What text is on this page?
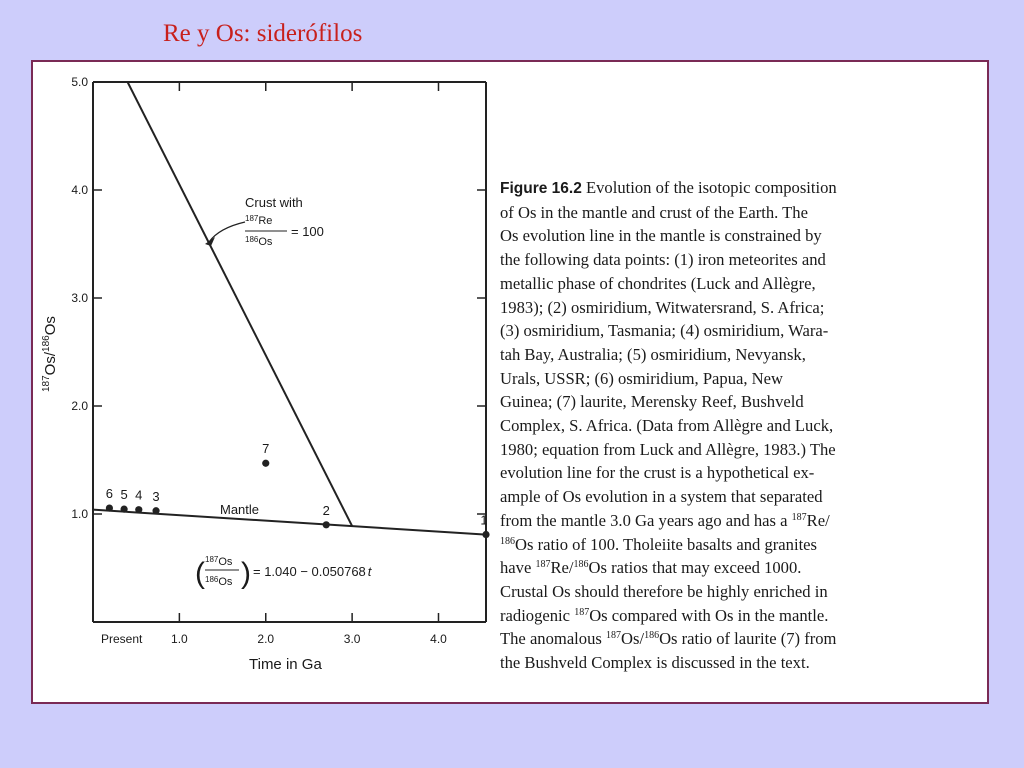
Re y Os: siderófilos
1.0
2.0
3.0
4.0
5.0
Present 1.0	2.0	3.0	4.0
1
2
3
4
5
6
7
Mantle
Crust with
$^{187}$Re
$^{186}$Os
= 100
( $^{187}$Os
$^{186}$Os ) = 1.040 − 0.050768 t
Time in Ga
$^{187}$Os/$^{186}$Os
Figure 16.2 Evolution of the isotopic composition
of Os in the mantle and crust of the Earth. The
Os evolution line in the mantle is constrained by
the following data points: (1) iron meteorites and
metallic phase of chondrites (Luck and Allègre,
1983); (2) osmiridium, Witwatersrand, S. Africa;
(3) osmiridium, Tasmania; (4) osmiridium, Wara-
tah Bay, Australia; (5) osmiridium, Nevyansk,
Urals, USSR; (6) osmiridium, Papua, New
Guinea; (7) laurite, Merensky Reef, Bushveld
Complex, S. Africa. (Data from Allègre and Luck,
1980; equation from Luck and Allègre, 1983.) The
evolution line for the crust is a hypothetical ex-
ample of Os evolution in a system that separated
from the mantle 3.0 Ga years ago and has a $^{187}$Re/
$^{186}$Os ratio of 100. Tholeiite basalts and granites
have $^{187}$Re/$^{186}$Os ratios that may exceed 1000.
Crustal Os should therefore be highly enriched in
radiogenic $^{187}$Os compared with Os in the mantle.
The anomalous $^{187}$Os/$^{186}$Os ratio of laurite (7) from
the Bushveld Complex is discussed in the text.
